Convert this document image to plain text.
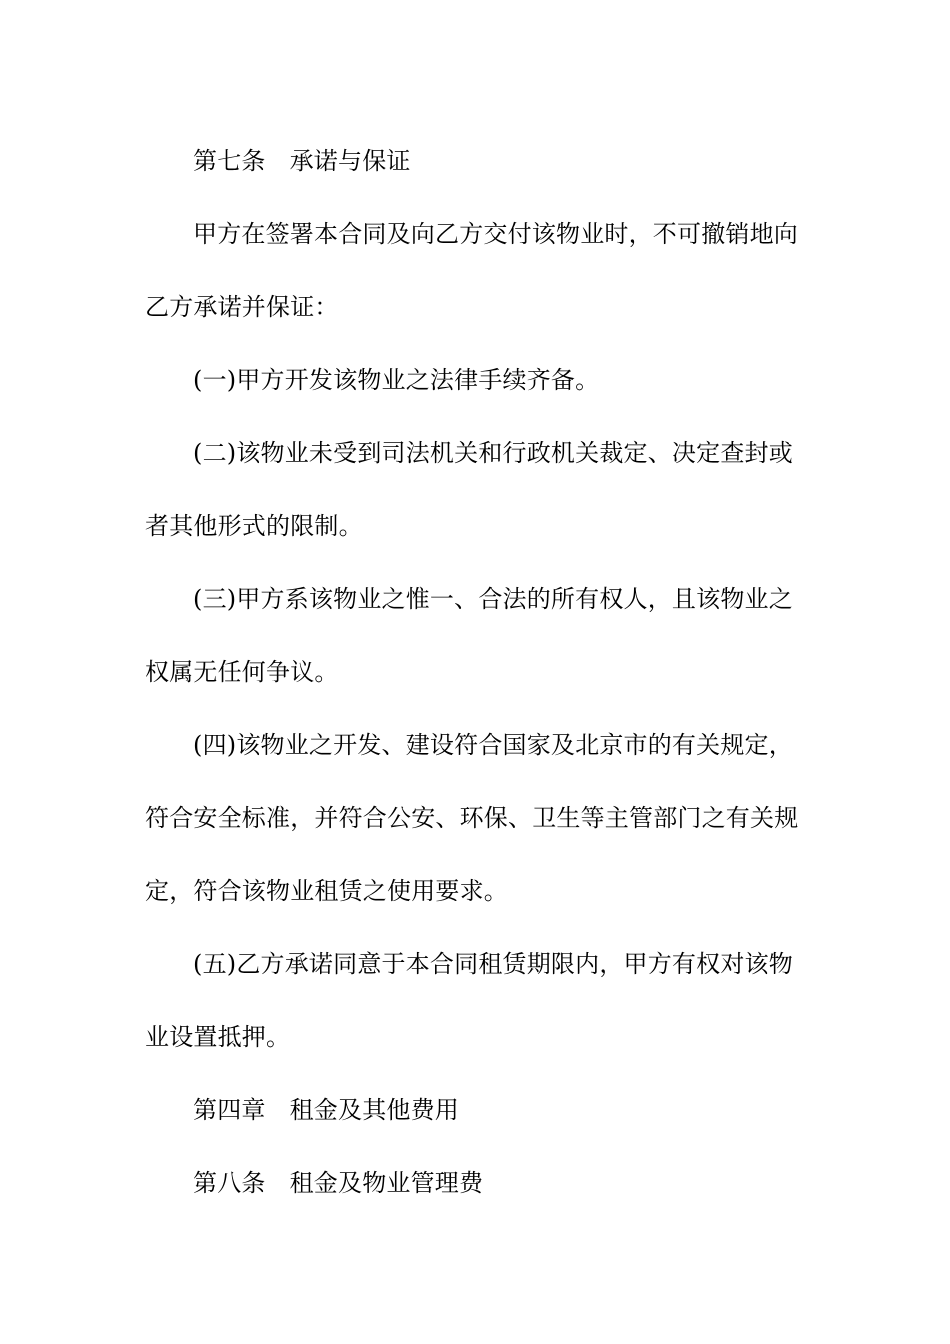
第七条 承诺与保证
甲方在签署本合同及向乙方交付该物业时，不可撤销地向
乙方承诺并保证：
(一)甲方开发该物业之法律手续齐备。
(二)该物业未受到司法机关和行政机关裁定、决定查封或
者其他形式的限制。
(三)甲方系该物业之惟一、合法的所有权人，且该物业之
权属无任何争议。
(四)该物业之开发、建设符合国家及北京市的有关规定，
符合安全标准，并符合公安、环保、卫生等主管部门之有关规
定，符合该物业租赁之使用要求。
(五)乙方承诺同意于本合同租赁期限内，甲方有权对该物
业设置抵押。
第四章 租金及其他费用
第八条 租金及物业管理费
